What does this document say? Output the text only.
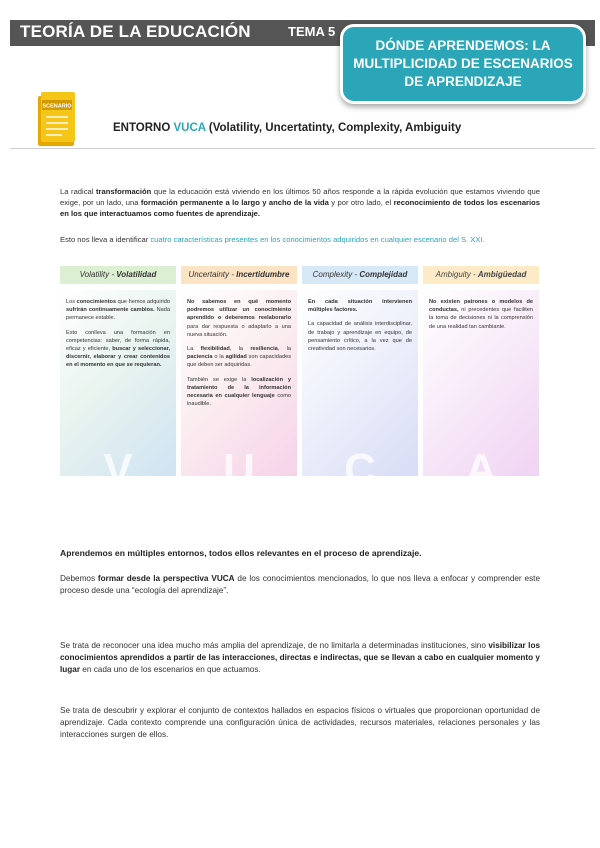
TEORÍA DE LA EDUCACIÓN	TEMA 5
DÓNDE APRENDEMOS: LA MULTIPLICIDAD DE ESCENARIOS DE APRENDIZAJE
SCENARIO
ENTORNO VUCA (Volatility, Uncertatinty, Complexity, Ambiguity
La radical transformación que la educación está viviendo en los últimos 50 años responde a la rápida evolución que estamos viviendo que exige, por un lado, una formación permanente a lo largo y ancho de la vida y por otro lado, el reconocimiento de todos los escenarios en los que interactuamos como fuentes de aprendizaje.
Esto nos lleva a identificar cuatro características presentes en los conocimientos adquiridos en cualquier escenario del S. XXI.
Volatility - Volatilidad
V

Los conocimientos que hemos adquirido sufrirán continuamente cambios. Nada permanece estable.

Esto conlleva una formación en competencias: saber, de forma rápida, eficaz y eficiente, buscar y seleccionar, discernir, elaborar y crear contenidos en el momento en que se requieran.

Uncertainty - Incertidumbre
U

No sabemos en qué momento podremos utilizar un conocimiento aprendido o deberemos reelaborarlo para dar respuesta o adaptarlo a una nueva situación.

La flexibilidad, la resiliencia, la paciencia o la agilidad son capacidades que deben ser adquiridas.

También se exige la localización y tratamiento de la información necesaria en cualquier lenguaje como inaudible.

Complexity - Complejidad
C

En cada situación intervienen múltiples factores.

La capacidad de análisis interdisciplinar, de trabajo y aprendizaje en equipo, de pensamiento crítico, a la vez que de creatividad son necesarios.

Ambiguity - Ambigüedad
A

No existen patrones o modelos de conductas, ni precedentes que faciliten la toma de decisiones ni la comprensión de una realidad tan cambiante.

Aprendemos en múltiples entornos, todos ellos relevantes en el proceso de aprendizaje.
Debemos formar desde la perspectiva VUCA de los conocimientos mencionados, lo que nos lleva a enfocar y comprender este proceso desde una “ecología del aprendizaje”.
Se trata de reconocer una idea mucho más amplia del aprendizaje, de no limitarla a determinadas instituciones, sino visibilizar los conocimientos aprendidos a partir de las interacciones, directas e indirectas, que se llevan a cabo en cualquier momento y lugar en cada uno de los escenarios en que actuamos.
Se trata de descubrir y explorar el conjunto de contextos hallados en espacios físicos o virtuales que proporcionan oportunidad de aprendizaje. Cada contexto comprende una configuración única de actividades, recursos materiales, relaciones personales y las interacciones surgen de ellos.
